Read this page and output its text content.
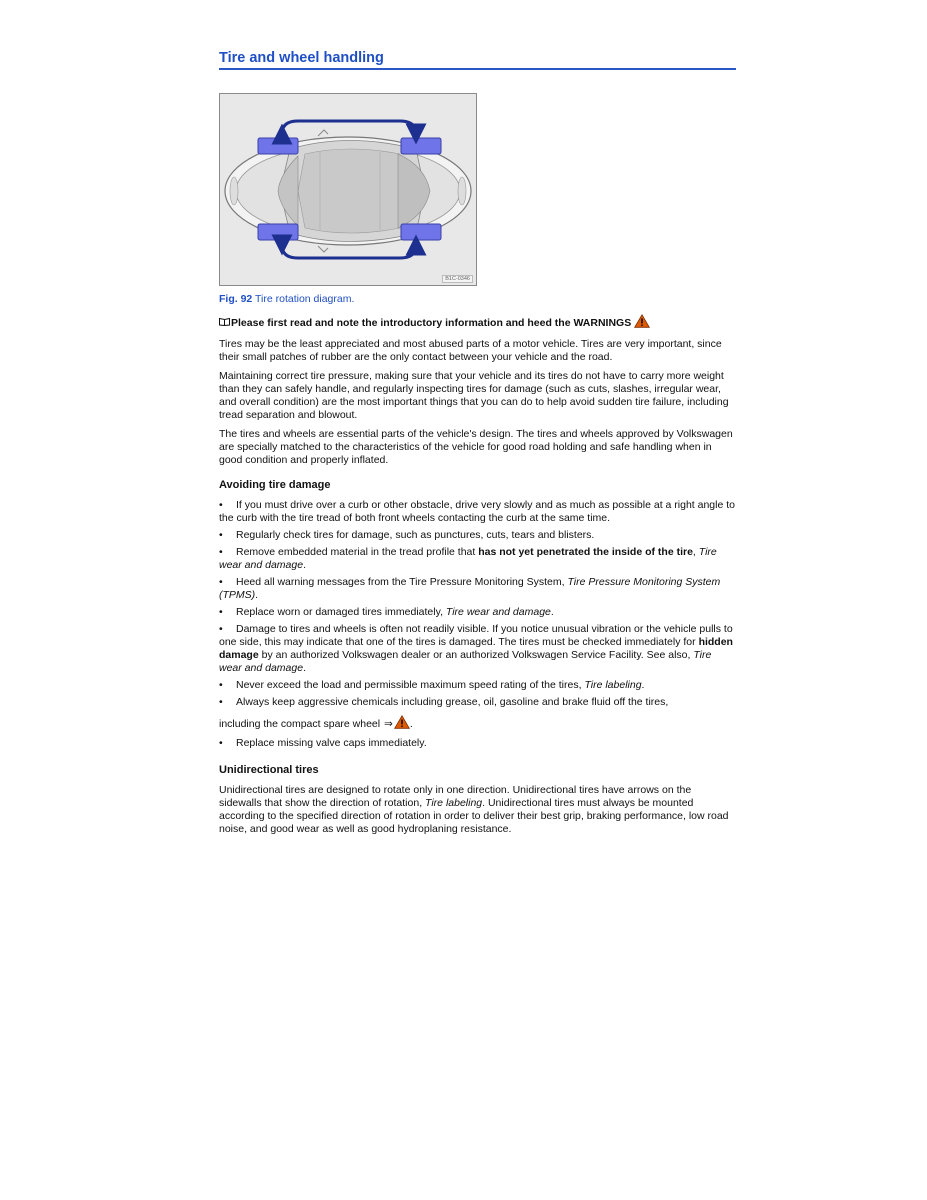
Tire and wheel handling
B1C-0346
Fig. 92 Tire rotation diagram.
Please first read and note the introductory information and heed the WARNINGS

Tires may be the least appreciated and most abused parts of a motor vehicle. Tires are very important, since their small patches of rubber are the only contact between your vehicle and the road.

Maintaining correct tire pressure, making sure that your vehicle and its tires do not have to carry more weight than they can safely handle, and regularly inspecting tires for damage (such as cuts, slashes, irregular wear, and overall condition) are the most important things that you can do to help avoid sudden tire failure, including tread separation and blowout.

The tires and wheels are essential parts of the vehicle's design. The tires and wheels approved by Volkswagen are specially matched to the characteristics of the vehicle for good road holding and safe handling when in good condition and properly inflated.

Avoiding tire damage
• If you must drive over a curb or other obstacle, drive very slowly and as much as possible at a right angle to the curb with the tire tread of both front wheels contacting the curb at the same time.
• Regularly check tires for damage, such as punctures, cuts, tears and blisters.
• Remove embedded material in the tread profile that has not yet penetrated the inside of the tire, Tire wear and damage.
• Heed all warning messages from the Tire Pressure Monitoring System, Tire Pressure Monitoring System (TPMS).
• Replace worn or damaged tires immediately, Tire wear and damage.
• Damage to tires and wheels is often not readily visible. If you notice unusual vibration or the vehicle pulls to one side, this may indicate that one of the tires is damaged. The tires must be checked immediately for hidden damage by an authorized Volkswagen dealer or an authorized Volkswagen Service Facility. See also, Tire wear and damage.
• Never exceed the load and permissible maximum speed rating of the tires, Tire labeling.
• Always keep aggressive chemicals including grease, oil, gasoline and brake fluid off the tires,
including the compact spare wheel ⇒ .
• Replace missing valve caps immediately.
Unidirectional tires

Unidirectional tires are designed to rotate only in one direction. Unidirectional tires have arrows on the sidewalls that show the direction of rotation, Tire labeling. Unidirectional tires must always be mounted according to the specified direction of rotation in order to deliver their best grip, braking performance, low road noise, and good wear as well as good hydroplaning resistance.
